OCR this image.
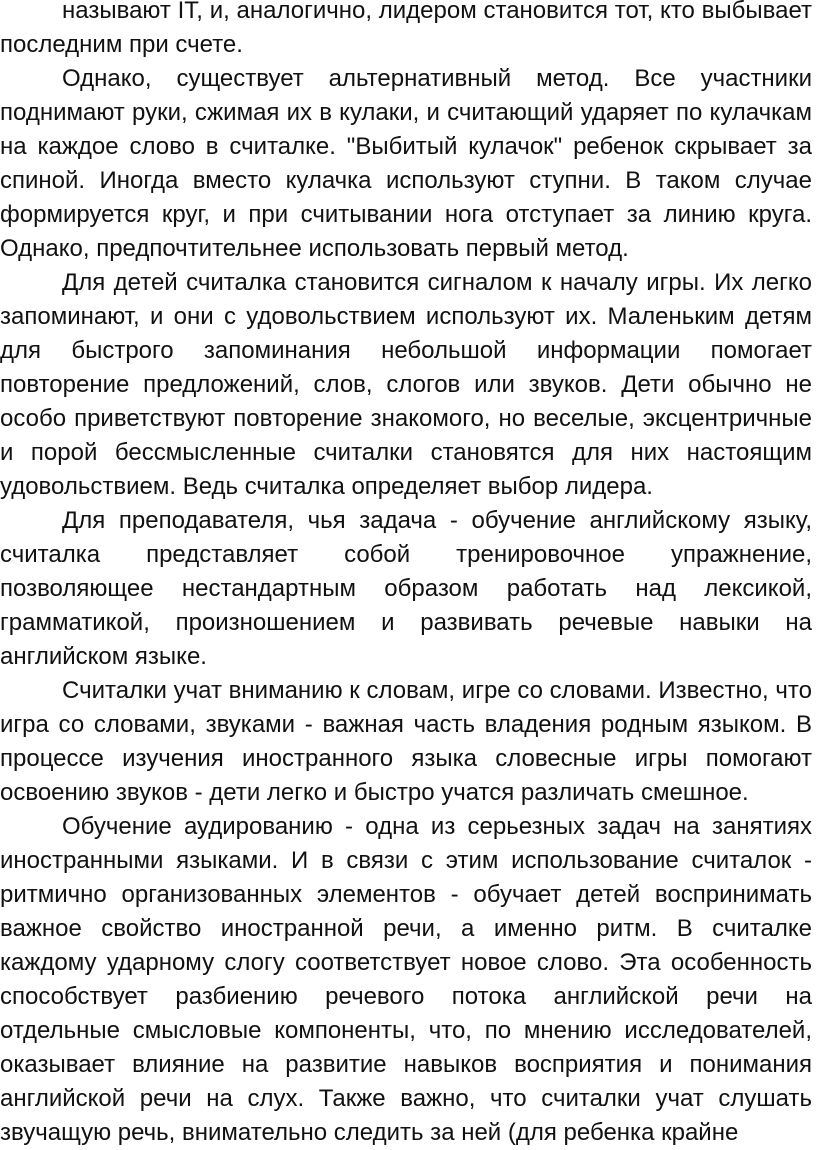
называют IT, и, аналогично, лидером становится тот, кто выбывает последним при счете.

Однако, существует альтернативный метод. Все участники поднимают руки, сжимая их в кулаки, и считающий ударяет по кулачкам на каждое слово в считалке. "Выбитый кулачок" ребенок скрывает за спиной. Иногда вместо кулачка используют ступни. В таком случае формируется круг, и при считывании нога отступает за линию круга. Однако, предпочтительнее использовать первый метод.

Для детей считалка становится сигналом к началу игры. Их легко запоминают, и они с удовольствием используют их. Маленьким детям для быстрого запоминания небольшой информации помогает повторение предложений, слов, слогов или звуков. Дети обычно не особо приветствуют повторение знакомого, но веселые, эксцентричные и порой бессмысленные считалки становятся для них настоящим удовольствием. Ведь считалка определяет выбор лидера.

Для преподавателя, чья задача - обучение английскому языку, считалка представляет собой тренировочное упражнение, позволяющее нестандартным образом работать над лексикой, грамматикой, произношением и развивать речевые навыки на английском языке.

Считалки учат вниманию к словам, игре со словами. Известно, что игра со словами, звуками - важная часть владения родным языком. В процессе изучения иностранного языка словесные игры помогают освоению звуков - дети легко и быстро учатся различать смешное.

Обучение аудированию - одна из серьезных задач на занятиях иностранными языками. И в связи с этим использование считалок - ритмично организованных элементов - обучает детей воспринимать важное свойство иностранной речи, а именно ритм. В считалке каждому ударному слогу соответствует новое слово. Эта особенность способствует разбиению речевого потока английской речи на отдельные смысловые компоненты, что, по мнению исследователей, оказывает влияние на развитие навыков восприятия и понимания английской речи на слух. Также важно, что считалки учат слушать звучащую речь, внимательно следить за ней (для ребенка крайне
